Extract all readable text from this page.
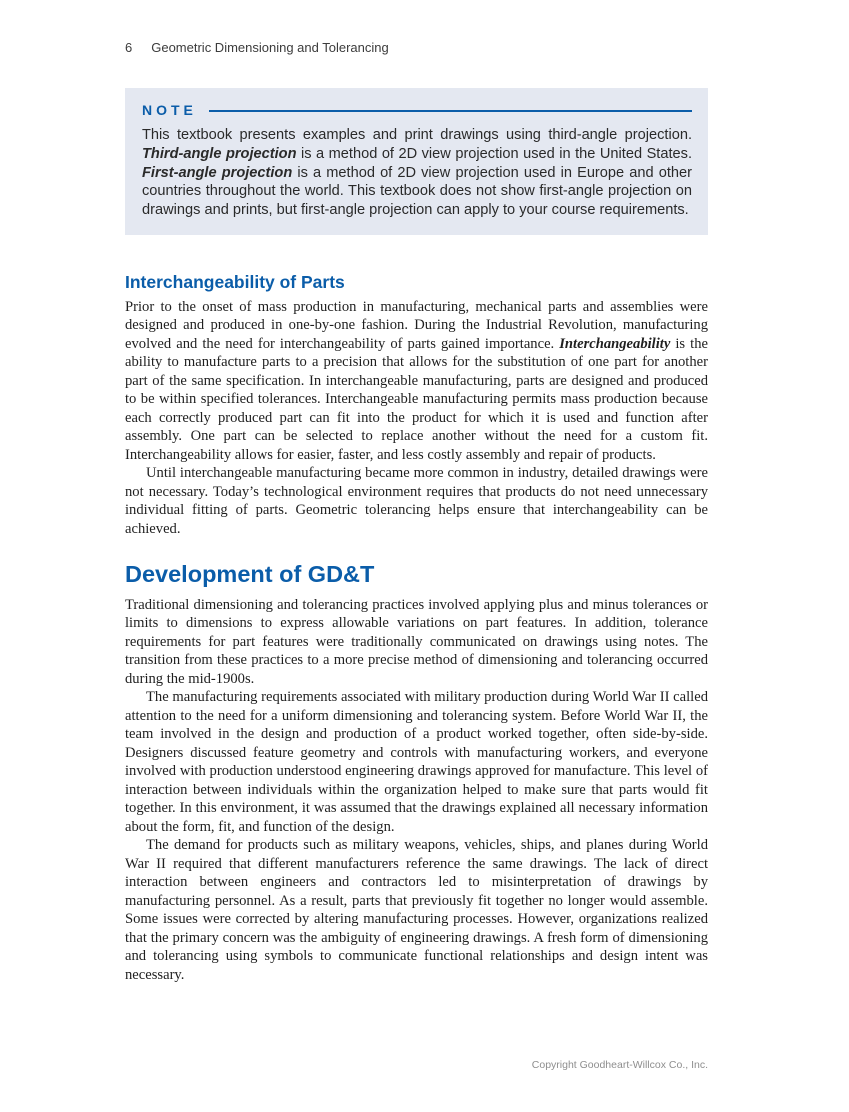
6 Geometric Dimensioning and Tolerancing
NOTE

This textbook presents examples and print drawings using third-angle projection. Third-angle projection is a method of 2D view projection used in the United States. First-angle projection is a method of 2D view projection used in Europe and other countries throughout the world. This textbook does not show first-angle projection on drawings and prints, but first-angle projection can apply to your course requirements.

Interchangeability of Parts

Prior to the onset of mass production in manufacturing, mechanical parts and assemblies were designed and produced in one-by-one fashion. During the Industrial Revolution, manufacturing evolved and the need for interchangeability of parts gained importance. Interchangeability is the ability to manufacture parts to a precision that allows for the substitution of one part for another part of the same specification. In interchangeable manufacturing, parts are designed and produced to be within specified tolerances. Interchangeable manufacturing permits mass production because each correctly produced part can fit into the product for which it is used and function after assembly. One part can be selected to replace another without the need for a custom fit. Interchangeability allows for easier, faster, and less costly assembly and repair of products.

Until interchangeable manufacturing became more common in industry, detailed drawings were not necessary. Today’s technological environment requires that products do not need unnecessary individual fitting of parts. Geometric tolerancing helps ensure that interchangeability can be achieved.

Development of GD&T

Traditional dimensioning and tolerancing practices involved applying plus and minus tolerances or limits to dimensions to express allowable variations on part features. In addition, tolerance requirements for part features were traditionally communicated on drawings using notes. The transition from these practices to a more precise method of dimensioning and tolerancing occurred during the mid-1900s.

The manufacturing requirements associated with military production during World War II called attention to the need for a uniform dimensioning and tolerancing system. Before World War II, the team involved in the design and production of a product worked together, often side-by-side. Designers discussed feature geometry and controls with manufacturing workers, and everyone involved with production understood engineering drawings approved for manufacture. This level of interaction between individuals within the organization helped to make sure that parts would fit together. In this environment, it was assumed that the drawings explained all necessary information about the form, fit, and function of the design.

The demand for products such as military weapons, vehicles, ships, and planes during World War II required that different manufacturers reference the same drawings. The lack of direct interaction between engineers and contractors led to misinterpretation of drawings by manufacturing personnel. As a result, parts that previously fit together no longer would assemble. Some issues were corrected by altering manufacturing processes. However, organizations realized that the primary concern was the ambiguity of engineering drawings. A fresh form of dimensioning and tolerancing using symbols to communicate functional relationships and design intent was necessary.

Copyright Goodheart-Willcox Co., Inc.
